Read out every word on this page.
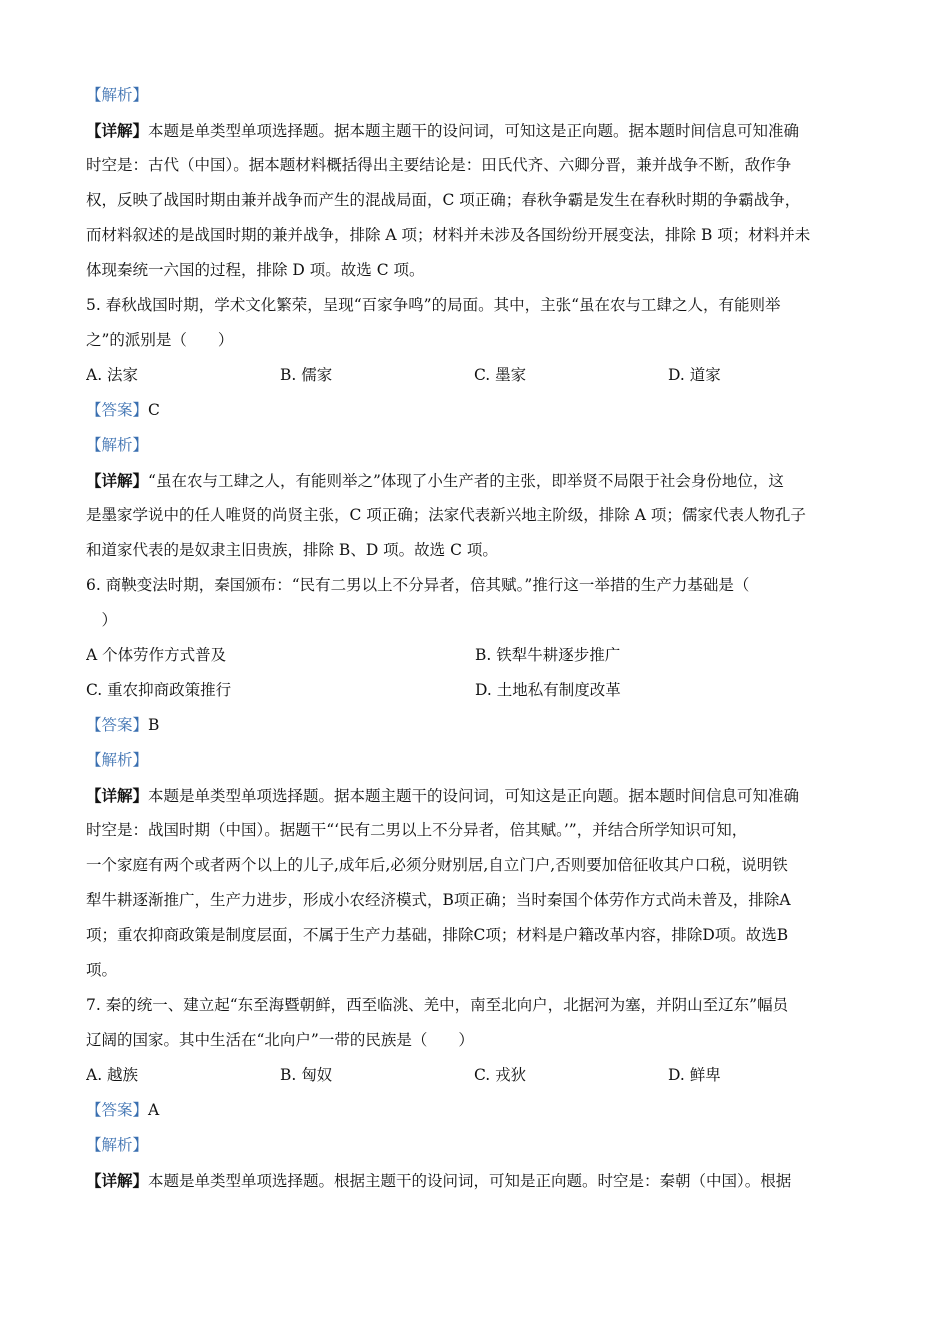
【解析】
【详解】本题是单类型单项选择题。据本题主题干的设问词，可知这是正向题。据本题时间信息可知准确
时空是：古代（中国）。据本题材料概括得出主要结论是：田氏代齐、六卿分晋，兼并战争不断，敌作争
权，反映了战国时期由兼并战争而产生的混战局面，C 项正确；春秋争霸是发生在春秋时期的争霸战争，
而材料叙述的是战国时期的兼并战争，排除 A 项；材料并未涉及各国纷纷开展变法，排除 B 项；材料并未
体现秦统一六国的过程，排除 D 项。故选 C 项。
5. 春秋战国时期，学术文化繁荣，呈现“百家争鸣”的局面。其中，主张“虽在农与工肆之人，有能则举
之”的派别是（　　）
A. 法家	B. 儒家	C. 墨家	D. 道家
【答案】C
【解析】
【详解】“虽在农与工肆之人，有能则举之”体现了小生产者的主张，即举贤不局限于社会身份地位，这
是墨家学说中的任人唯贤的尚贤主张，C 项正确；法家代表新兴地主阶级，排除 A 项；儒家代表人物孔子
和道家代表的是奴隶主旧贵族，排除 B、D 项。故选 C 项。
6. 商鞅变法时期，秦国颁布：“民有二男以上不分异者，倍其赋。”推行这一举措的生产力基础是（
　）
A 个体劳作方式普及	B. 铁犁牛耕逐步推广
C. 重农抑商政策推行	D. 土地私有制度改革
【答案】B
【解析】
【详解】本题是单类型单项选择题。据本题主题干的设问词，可知这是正向题。据本题时间信息可知准确
时空是：战国时期（中国）。据题干“‘民有二男以上不分异者，倍其赋。’”，并结合所学知识可知，
一个家庭有两个或者两个以上的儿子,成年后,必须分财别居,自立门户,否则要加倍征收其户口税，说明铁
犁牛耕逐渐推广，生产力进步，形成小农经济模式，B项正确；当时秦国个体劳作方式尚未普及，排除A
项；重农抑商政策是制度层面，不属于生产力基础，排除C项；材料是户籍改革内容，排除D项。故选B
项。
7. 秦的统一、建立起“东至海暨朝鲜，西至临洮、羌中，南至北向户，北据河为塞，并阴山至辽东”幅员
辽阔的国家。其中生活在“北向户”一带的民族是（　　）
A. 越族	B. 匈奴	C. 戎狄	D. 鲜卑
【答案】A
【解析】
【详解】本题是单类型单项选择题。根据主题干的设问词，可知是正向题。时空是：秦朝（中国）。根据
